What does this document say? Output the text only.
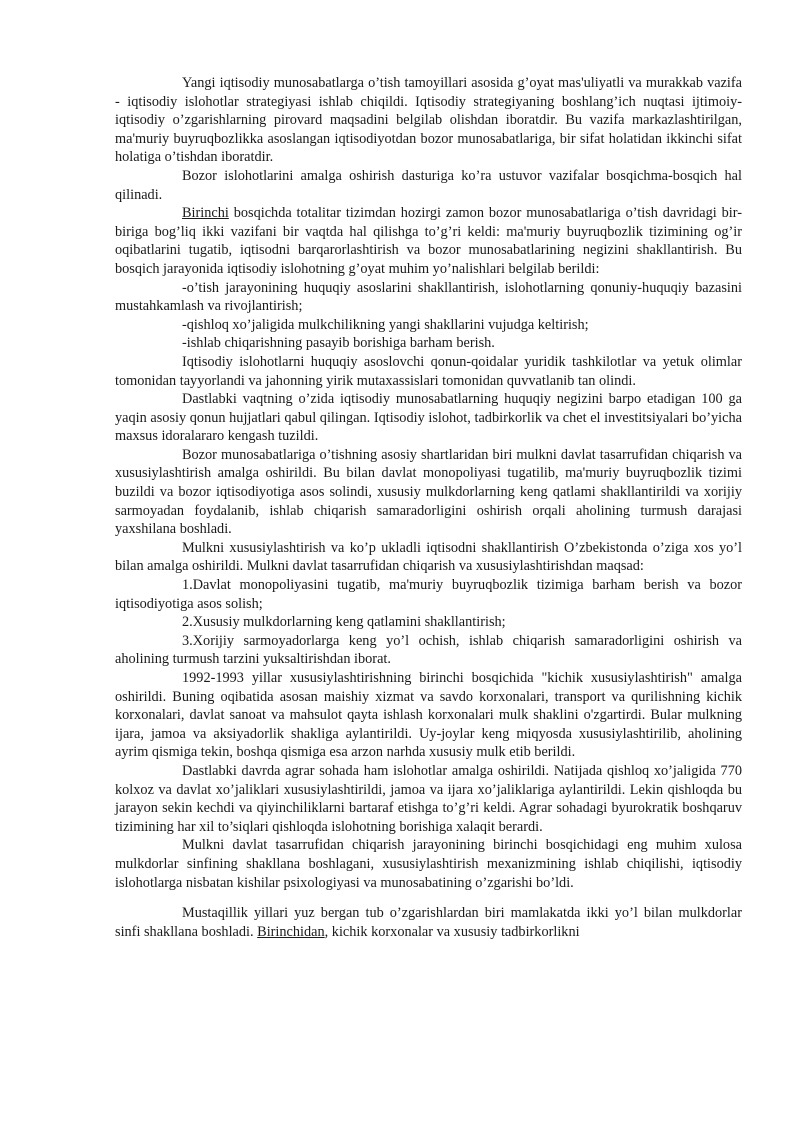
Yangi iqtisodiy munosabatlarga o’tish tamoyillari asosida g’oyat mas'uliyatli va murakkab vazifa - iqtisodiy islohotlar strategiyasi ishlab chiqildi. Iqtisodiy strategiyaning boshlang’ich nuqtasi ijtimoiy-iqtisodiy o’zgarishlarning pirovard maqsadini belgilab olishdan iboratdir. Bu vazifa markazlashtirilgan, ma'muriy buyruqbozlikka asoslangan iqtisodiyotdan bozor munosabatlariga, bir sifat holatidan ikkinchi sifat holatiga o’tishdan iboratdir.

Bozor islohotlarini amalga oshirish dasturiga ko’ra ustuvor vazifalar bosqichma-bosqich hal qilinadi.

Birinchi bosqichda totalitar tizimdan hozirgi zamon bozor munosabatlariga o’tish davridagi bir-biriga bog’liq ikki vazifani bir vaqtda hal qilishga to’g’ri keldi: ma'muriy buyruqbozlik tizimining og’ir oqibatlarini tugatib, iqtisodni barqarorlashtirish va bozor munosabatlarining negizini shakllantirish. Bu bosqich jarayonida iqtisodiy islohotning g’oyat muhim yo’nalishlari belgilab berildi:

-o’tish jarayonining huquqiy asoslarini shakllantirish, islohotlarning qonuniy-huquqiy bazasini mustahkamlash va rivojlantirish;

-qishloq xo’jaligida mulkchilikning yangi shakllarini vujudga keltirish;

-ishlab chiqarishning pasayib borishiga barham berish.

Iqtisodiy islohotlarni huquqiy asoslovchi qonun-qoidalar yuridik tashkilotlar va yetuk olimlar tomonidan tayyorlandi va jahonning yirik mutaxassislari tomonidan quvvatlanib tan olindi.

Dastlabki vaqtning o’zida iqtisodiy munosabatlarning huquqiy negizini barpo etadigan 100 ga yaqin asosiy qonun hujjatlari qabul qilingan. Iqtisodiy islohot, tadbirkorlik va chet el investitsiyalari bo’yicha maxsus idoralararo kengash tuzildi.

Bozor munosabatlariga o’tishning asosiy shartlaridan biri mulkni davlat tasarrufidan chiqarish va xususiylashtirish amalga oshirildi. Bu bilan davlat monopoliyasi tugatilib, ma'muriy buyruqbozlik tizimi buzildi va bozor iqtisodiyotiga asos solindi, xususiy mulkdorlarning keng qatlami shakllantirildi va xorijiy sarmoyadan foydalanib, ishlab chiqarish samaradorligini oshirish orqali aholining turmush darajasi yaxshilana boshladi.

Mulkni xususiylashtirish va ko’p ukladli iqtisodni shakllantirish O’zbekistonda o’ziga xos yo’l bilan amalga oshirildi. Mulkni davlat tasarrufidan chiqarish va xususiylashtirishdan maqsad:

1.Davlat monopoliyasini tugatib, ma'muriy buyruqbozlik tizimiga barham berish va bozor iqtisodiyotiga asos solish;

2.Xususiy mulkdorlarning keng qatlamini shakllantirish;

3.Xorijiy sarmoyadorlarga keng yo’l ochish, ishlab chiqarish samaradorligini oshirish va aholining turmush tarzini yuksaltirishdan iborat.

1992-1993 yillar xususiylashtirishning birinchi bosqichida "kichik xususiylashtirish" amalga oshirildi. Buning oqibatida asosan maishiy xizmat va savdo korxonalari, transport va qurilishning kichik korxonalari, davlat sanoat va mahsulot qayta ishlash korxonalari mulk shaklini o'zgartirdi. Bular mulkning ijara, jamoa va aksiyadorlik shakliga aylantirildi. Uy-joylar keng miqyosda xususiylashtirilib, aholining ayrim qismiga tekin, boshqa qismiga esa arzon narhda xususiy mulk etib berildi.

Dastlabki davrda agrar sohada ham islohotlar amalga oshirildi. Natijada qishloq xo’jaligida 770 kolxoz va davlat xo’jaliklari xususiylashtirildi, jamoa va ijara xo’jaliklariga aylantirildi. Lekin qishloqda bu jarayon sekin kechdi va qiyinchiliklarni bartaraf etishga to’g’ri keldi. Agrar sohadagi byurokratik boshqaruv tizimining har xil to’siqlari qishloqda islohotning borishiga xalaqit berardi.

Mulkni davlat tasarrufidan chiqarish jarayonining birinchi bosqichidagi eng muhim xulosa mulkdorlar sinfining shakllana boshlagani, xususiylashtirish mexanizmining ishlab chiqilishi, iqtisodiy islohotlarga nisbatan kishilar psixologiyasi va munosabatining o’zgarishi bo’ldi.

Mustaqillik yillari yuz bergan tub o’zgarishlardan biri mamlakatda ikki yo’l bilan mulkdorlar sinfi shakllana boshladi. Birinchidan, kichik korxonalar va xususiy tadbirkorlikni
